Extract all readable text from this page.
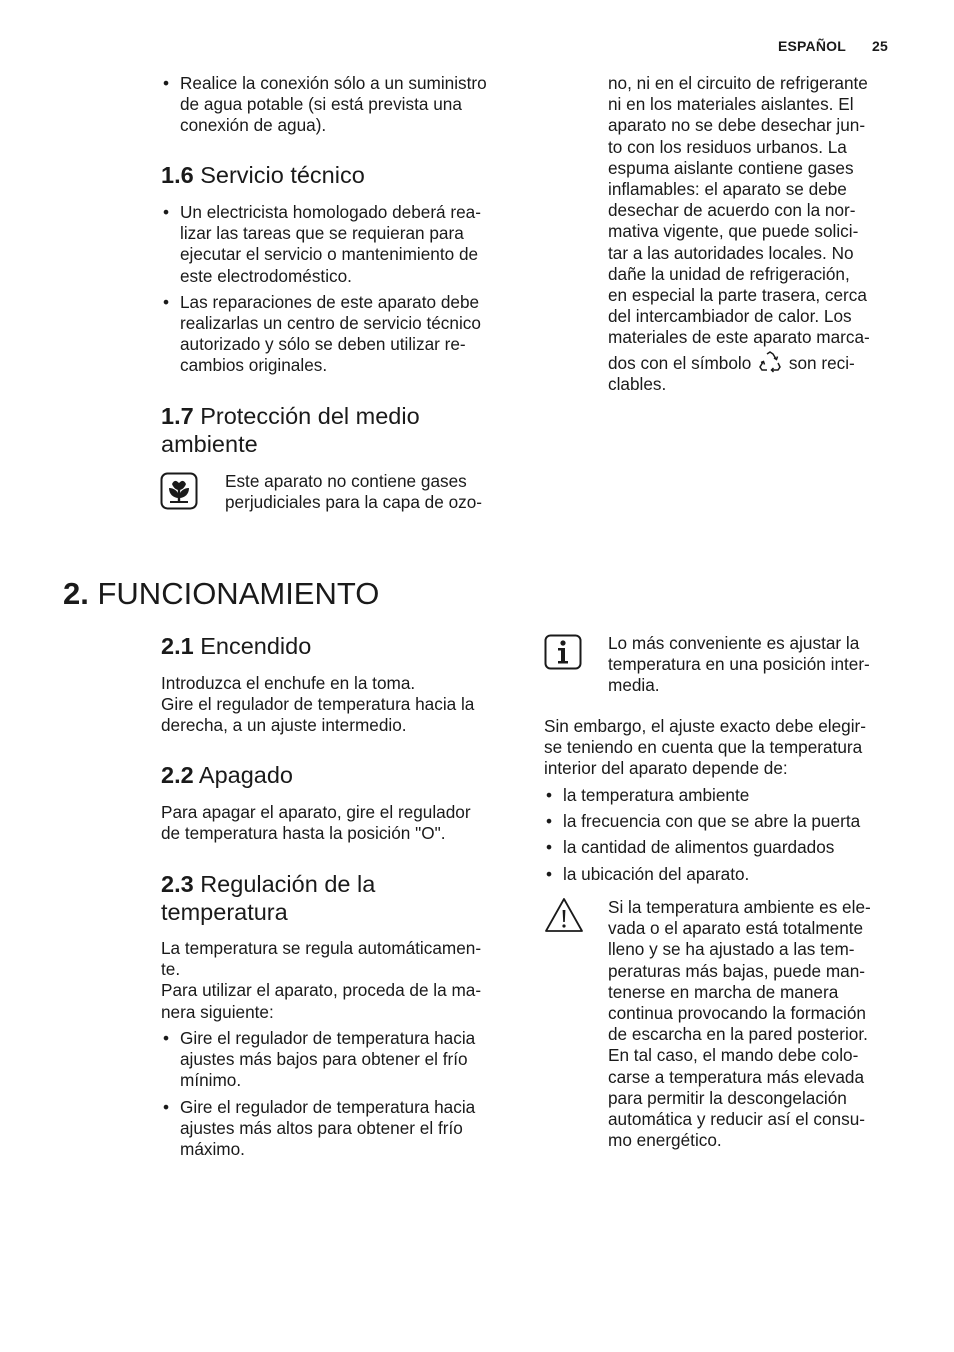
ESPAÑOL 25
• Realice la conexión sólo a un suministro
de agua potable (si está prevista una
conexión de agua).
1.6 Servicio técnico
• Un electricista homologado deberá rea-
lizar las tareas que se requieran para
ejecutar el servicio o mantenimiento de
este electrodoméstico.
• Las reparaciones de este aparato debe
realizarlas un centro de servicio técnico
autorizado y sólo se deben utilizar re-
cambios originales.
1.7 Protección del medio
ambiente
Este aparato no contiene gases
perjudiciales para la capa de ozo-
no, ni en el circuito de refrigerante
ni en los materiales aislantes. El
aparato no se debe desechar jun-
to con los residuos urbanos. La
espuma aislante contiene gases
inflamables: el aparato se debe
desechar de acuerdo con la nor-
mativa vigente, que puede solici-
tar a las autoridades locales. No
dañe la unidad de refrigeración,
en especial la parte trasera, cerca
del intercambiador de calor. Los
materiales de este aparato marca-
dos con el símbolo son reci-
clables.
2. FUNCIONAMIENTO
2.1 Encendido
Introduzca el enchufe en la toma.
Gire el regulador de temperatura hacia la
derecha, a un ajuste intermedio.
2.2 Apagado
Para apagar el aparato, gire el regulador
de temperatura hasta la posición "O".
2.3 Regulación de la
temperatura
La temperatura se regula automáticamen-
te.
Para utilizar el aparato, proceda de la ma-
nera siguiente:
• Gire el regulador de temperatura hacia
ajustes más bajos para obtener el frío
mínimo.
• Gire el regulador de temperatura hacia
ajustes más altos para obtener el frío
máximo.
Lo más conveniente es ajustar la
temperatura en una posición inter-
media.
Sin embargo, el ajuste exacto debe elegir-
se teniendo en cuenta que la temperatura
interior del aparato depende de:
• la temperatura ambiente
• la frecuencia con que se abre la puerta
• la cantidad de alimentos guardados
• la ubicación del aparato.
Si la temperatura ambiente es ele-
vada o el aparato está totalmente
lleno y se ha ajustado a las tem-
peraturas más bajas, puede man-
tenerse en marcha de manera
continua provocando la formación
de escarcha en la pared posterior.
En tal caso, el mando debe colo-
carse a temperatura más elevada
para permitir la descongelación
automática y reducir así el consu-
mo energético.
